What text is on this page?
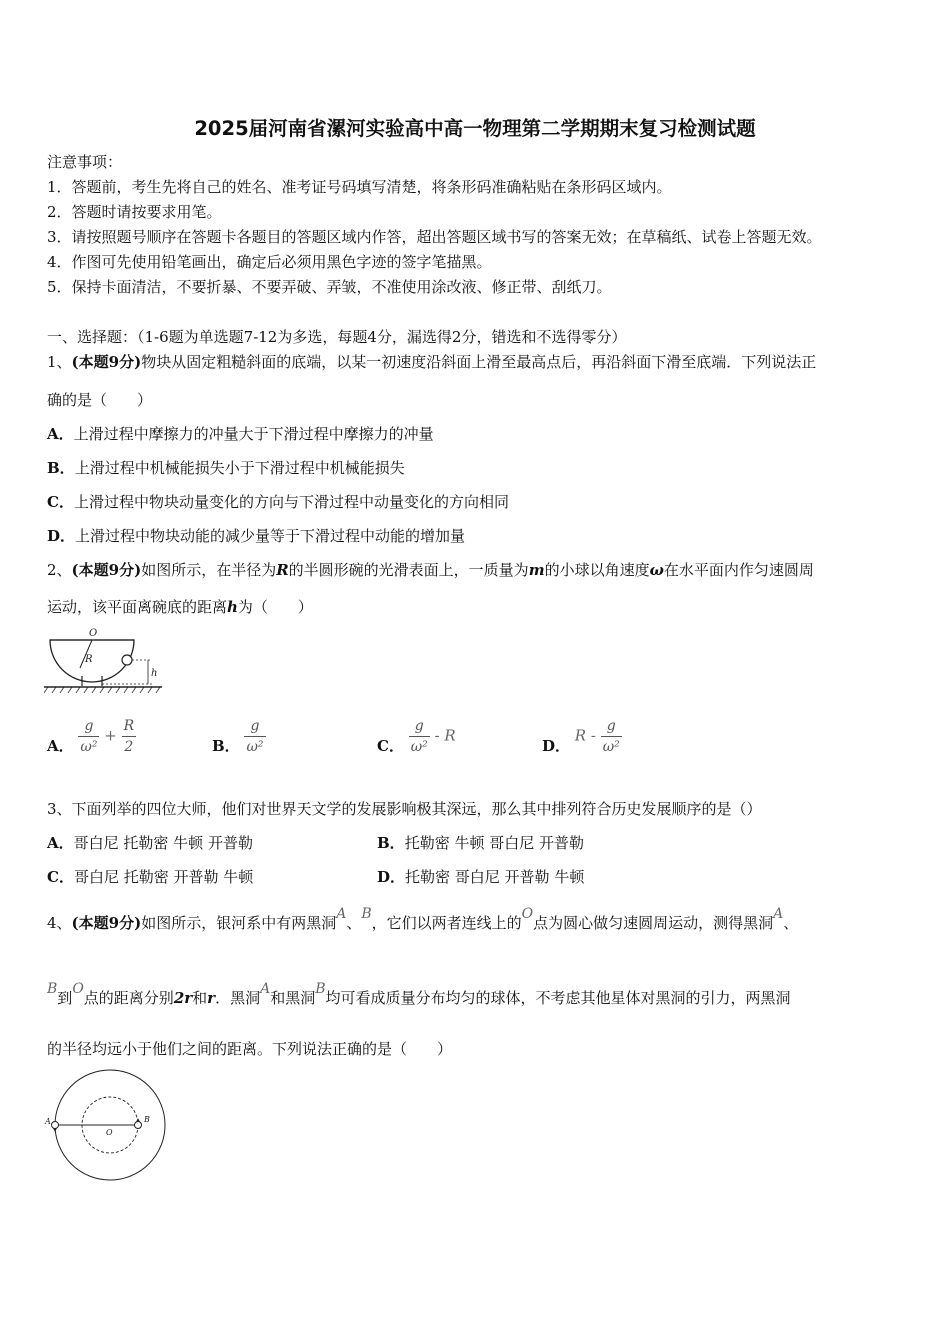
2025届河南省漯河实验高中高一物理第二学期期末复习检测试题
注意事项：
1．答题前，考生先将自己的姓名、准考证号码填写清楚，将条形码准确粘贴在条形码区域内。
2．答题时请按要求用笔。
3．请按照题号顺序在答题卡各题目的答题区域内作答，超出答题区域书写的答案无效；在草稿纸、试卷上答题无效。
4．作图可先使用铅笔画出，确定后必须用黑色字迹的签字笔描黑。
5．保持卡面清洁，不要折暴、不要弄破、弄皱，不准使用涂改液、修正带、刮纸刀。
一、选择题：（1-6题为单选题7-12为多选，每题4分，漏选得2分，错选和不选得零分）
1、(本题9分)物块从固定粗糙斜面的底端，以某一初速度沿斜面上滑至最高点后，再沿斜面下滑至底端．下列说法正
确的是（　　）
A．上滑过程中摩擦力的冲量大于下滑过程中摩擦力的冲量
B．上滑过程中机械能损失小于下滑过程中机械能损失
C．上滑过程中物块动量变化的方向与下滑过程中动量变化的方向相同
D．上滑过程中物块动能的减少量等于下滑过程中动能的增加量
2、(本题9分)如图所示，在半径为R的半圆形碗的光滑表面上，一质量为m的小球以角速度ω在水平面内作匀速圆周
运动，该平面离碗底的距离h为（　　）
O
R
h
A． $\frac{g}{\text{ω²}} + \frac{R}{2}$	B． $\frac{g}{\text{ω²}}$	C． $\frac{g}{\text{ω²}}$ - R
D． R - $\frac{g}{\text{ω²}}$
3、下面列举的四位大师，他们对世界天文学的发展影响极其深远，那么其中排列符合历史发展顺序的是（）
A．哥白尼 托勒密 牛顿 开普勒	B．托勒密 牛顿 哥白尼 开普勒
C．哥白尼 托勒密 开普勒 牛顿	D．托勒密 哥白尼 开普勒 牛顿
4、(本题9分)如图所示，银河系中有两黑洞A、B，它们以两者连线上的O点为圆心做匀速圆周运动，测得黑洞A、
B到O点的距离分别2r和r．黑洞A和黑洞B均可看成质量分布均匀的球体，不考虑其他星体对黑洞的引力，两黑洞
的半径均远小于他们之间的距离。下列说法正确的是（　　）
A	B
O
